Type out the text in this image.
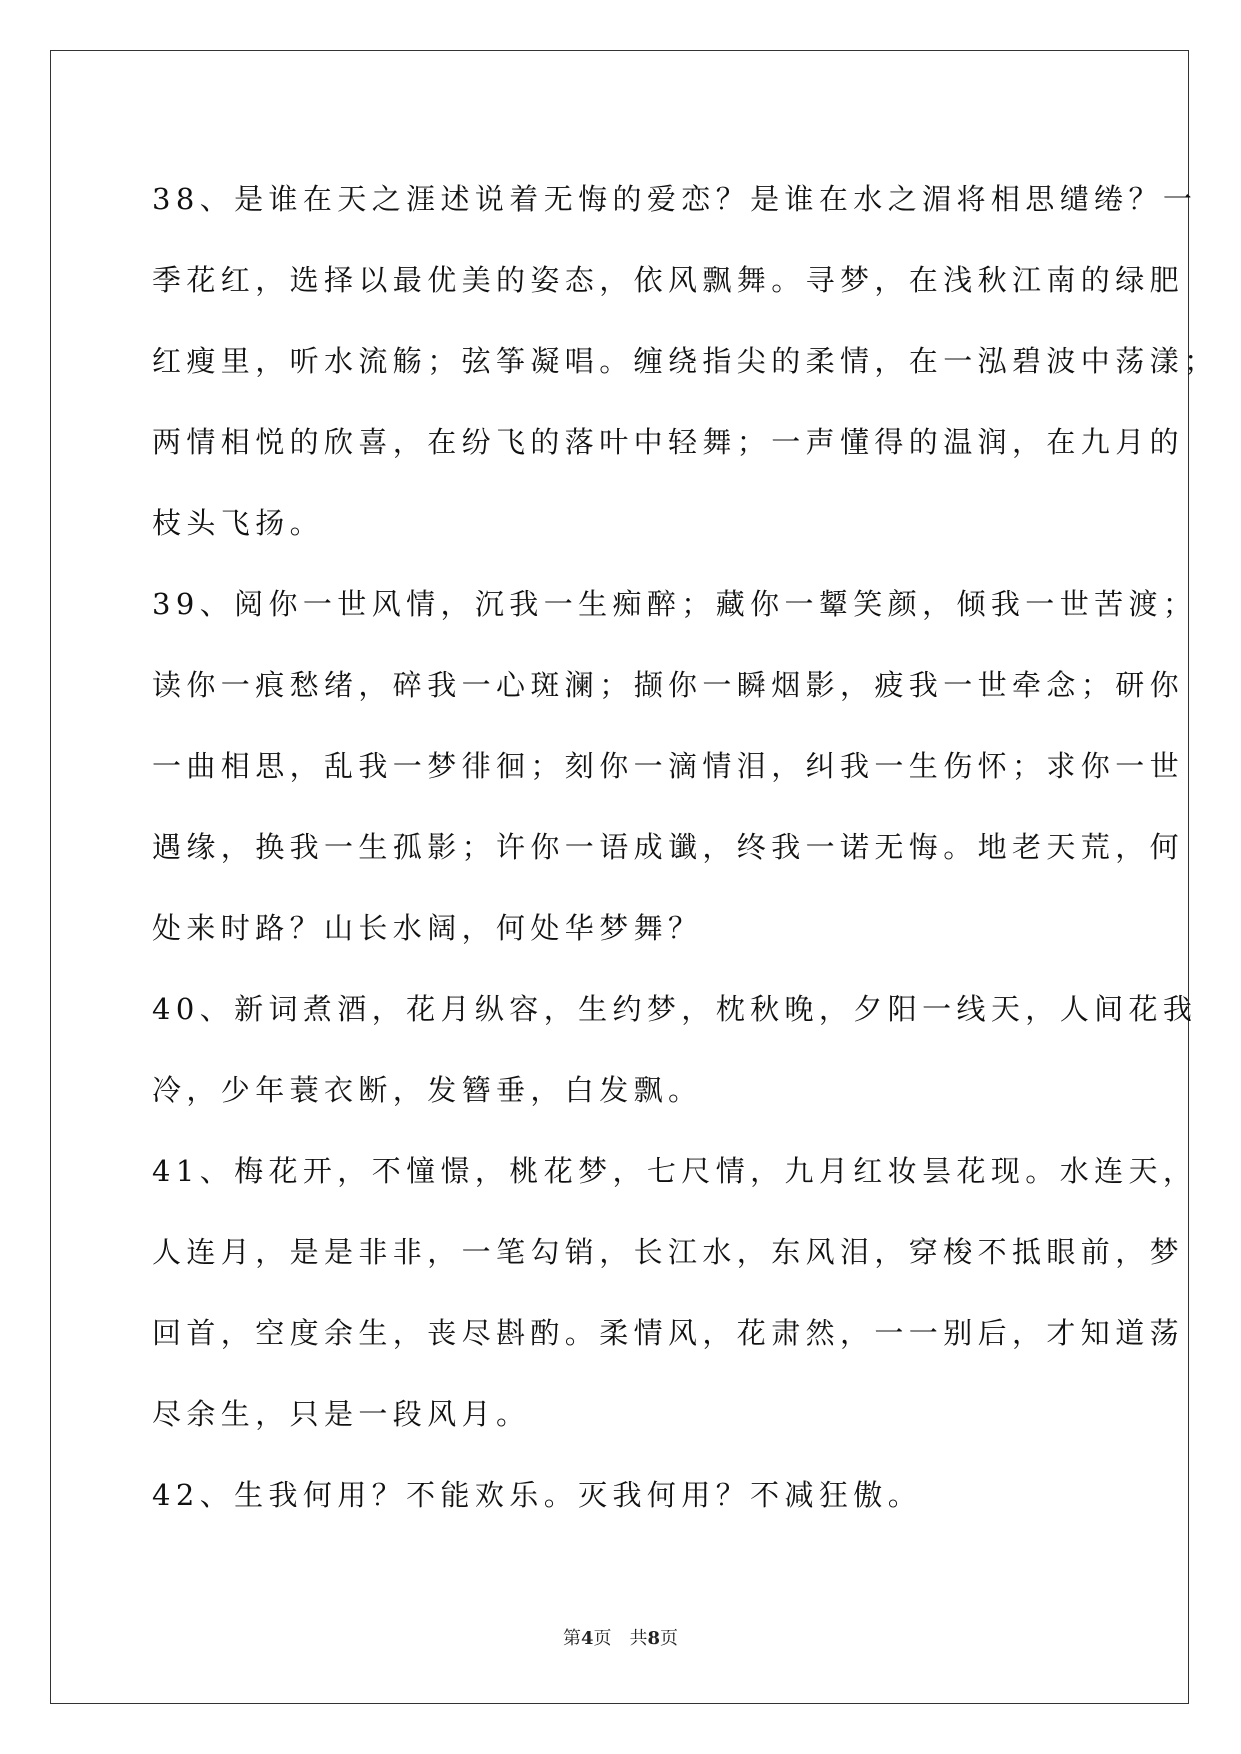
38、是谁在天之涯述说着无悔的爱恋？是谁在水之湄将相思缱绻？一
季花红，选择以最优美的姿态，依风飘舞。寻梦，在浅秋江南的绿肥
红瘦里，听水流觞；弦筝凝唱。缠绕指尖的柔情，在一泓碧波中荡漾；
两情相悦的欣喜，在纷飞的落叶中轻舞；一声懂得的温润，在九月的
枝头飞扬。
39、阅你一世风情，沉我一生痴醉；藏你一颦笑颜，倾我一世苦渡；
读你一痕愁绪，碎我一心斑澜；撷你一瞬烟影，疲我一世牵念；研你
一曲相思，乱我一梦徘徊；刻你一滴情泪，纠我一生伤怀；求你一世
遇缘，换我一生孤影；许你一语成谶，终我一诺无悔。地老天荒，何
处来时路？山长水阔，何处华梦舞？
40、新词煮酒，花月纵容，生约梦，枕秋晚，夕阳一线天，人间花我
冷，少年蓑衣断，发簪垂，白发飘。
41、梅花开，不憧憬，桃花梦，七尺情，九月红妆昙花现。水连天，
人连月，是是非非，一笔勾销，长江水，东风泪，穿梭不抵眼前，梦
回首，空度余生，丧尽斟酌。柔情风，花肃然，一一别后，才知道荡
尽余生，只是一段风月。
42、生我何用？不能欢乐。灭我何用？不减狂傲。
第4页 共8页
